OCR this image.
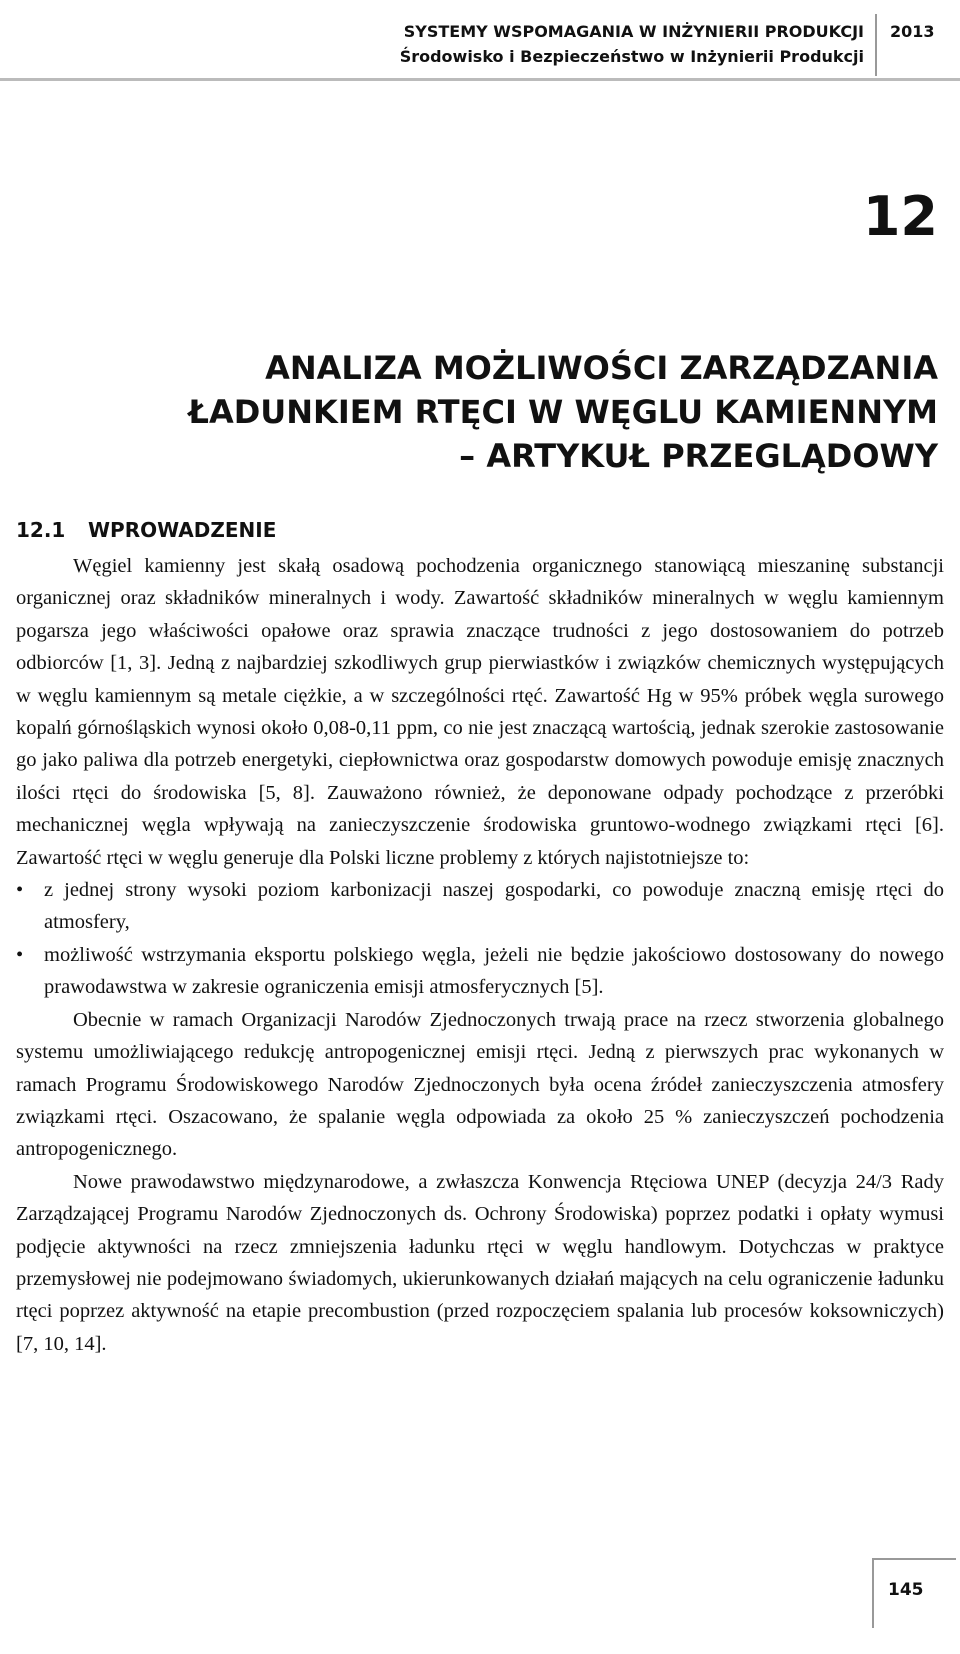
SYSTEMY WSPOMAGANIA W INŻYNIERII PRODUKCJI
Środowisko i Bezpieczeństwo w Inżynierii Produkcji
2013
12
ANALIZA MOŻLIWOŚCI ZARZĄDZANIA
ŁADUNKIEM RTĘCI W WĘGLU KAMIENNYM
– ARTYKUŁ PRZEGLĄDOWY
12.1 WPROWADZENIE

Węgiel kamienny jest skałą osadową pochodzenia organicznego stanowiącą mieszaninę substancji organicznej oraz składników mineralnych i wody. Zawartość składników mineralnych w węglu kamiennym pogarsza jego właściwości opałowe oraz sprawia znaczące trudności z jego dostosowaniem do potrzeb odbiorców [1, 3]. Jedną z najbardziej szkodliwych grup pierwiastków i związków chemicznych występujących w węglu kamiennym są metale ciężkie, a w szczególności rtęć. Zawartość Hg w 95% próbek węgla surowego kopalń górnośląskich wynosi około 0,08-0,11 ppm, co nie jest znaczącą wartością, jednak szerokie zastosowanie go jako paliwa dla potrzeb energetyki, ciepłownictwa oraz gospodarstw domowych powoduje emisję znacznych ilości rtęci do środowiska [5, 8]. Zauważono również, że deponowane odpady pochodzące z przeróbki mechanicznej węgla wpływają na zanieczyszczenie środowiska gruntowo-wodnego związkami rtęci [6]. Zawartość rtęci w węglu generuje dla Polski liczne problemy z których najistotniejsze to:

• z jednej strony wysoki poziom karbonizacji naszej gospodarki, co powoduje znaczną emisję rtęci do atmosfery,
• możliwość wstrzymania eksportu polskiego węgla, jeżeli nie będzie jakościowo dostosowany do nowego prawodawstwa w zakresie ograniczenia emisji atmosferycznych [5].

Obecnie w ramach Organizacji Narodów Zjednoczonych trwają prace na rzecz stworzenia globalnego systemu umożliwiającego redukcję antropogenicznej emisji rtęci. Jedną z pierwszych prac wykonanych w ramach Programu Środowiskowego Narodów Zjednoczonych była ocena źródeł zanieczyszczenia atmosfery związkami rtęci. Oszacowano, że spalanie węgla odpowiada za około 25 % zanieczyszczeń pochodzenia antropogenicznego.

Nowe prawodawstwo międzynarodowe, a zwłaszcza Konwencja Rtęciowa UNEP (decyzja 24/3 Rady Zarządzającej Programu Narodów Zjednoczonych ds. Ochrony Środowiska) poprzez podatki i opłaty wymusi podjęcie aktywności na rzecz zmniejszenia ładunku rtęci w węglu handlowym. Dotychczas w praktyce przemysłowej nie podejmowano świadomych, ukierunkowanych działań mających na celu ograniczenie ładunku rtęci poprzez aktywność na etapie precombustion (przed rozpoczęciem spalania lub procesów koksowniczych) [7, 10, 14].

145
